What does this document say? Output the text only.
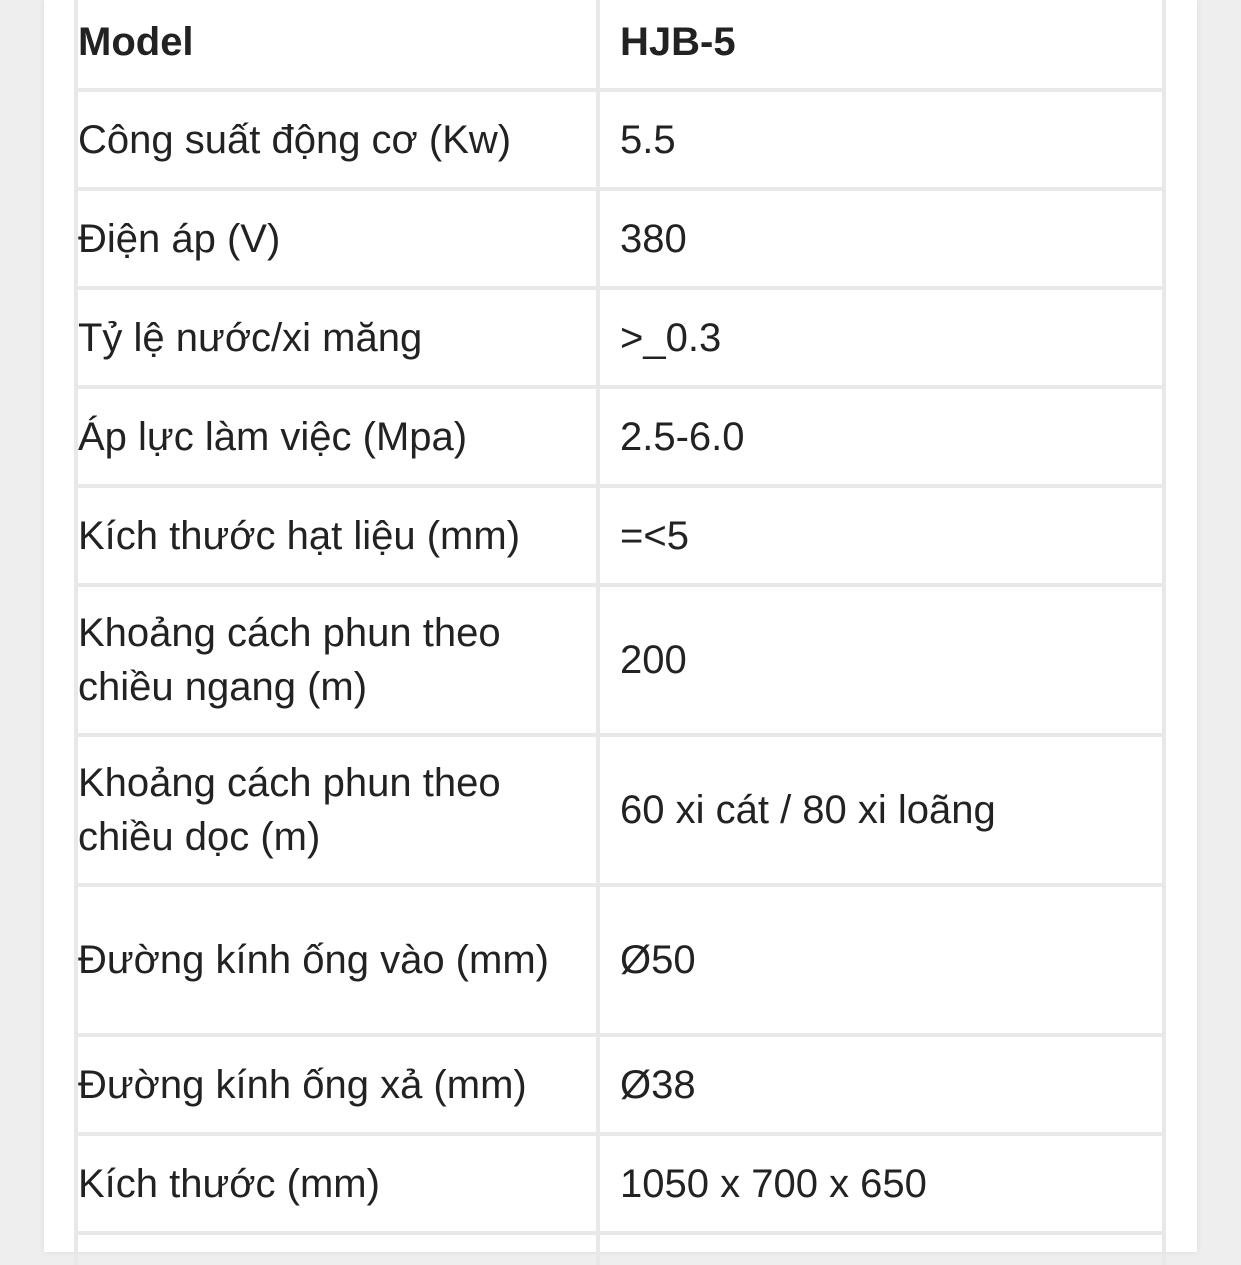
Model	HJB-5
Công suất động cơ (Kw)	5.5
Điện áp (V)	380
Tỷ lệ nước/xi măng	>_0.3
Áp lực làm việc (Mpa)	2.5-6.0
Kích thước hạt liệu (mm)	=<5
Khoảng cách phun theo chiều ngang (m)	200
Khoảng cách phun theo chiều dọc (m)	60 xi cát / 80 xi loãng
Đường kính ống vào (mm)	Ø50
Đường kính ống xả (mm)	Ø38
Kích thước (mm)	1050 x 700 x 650
